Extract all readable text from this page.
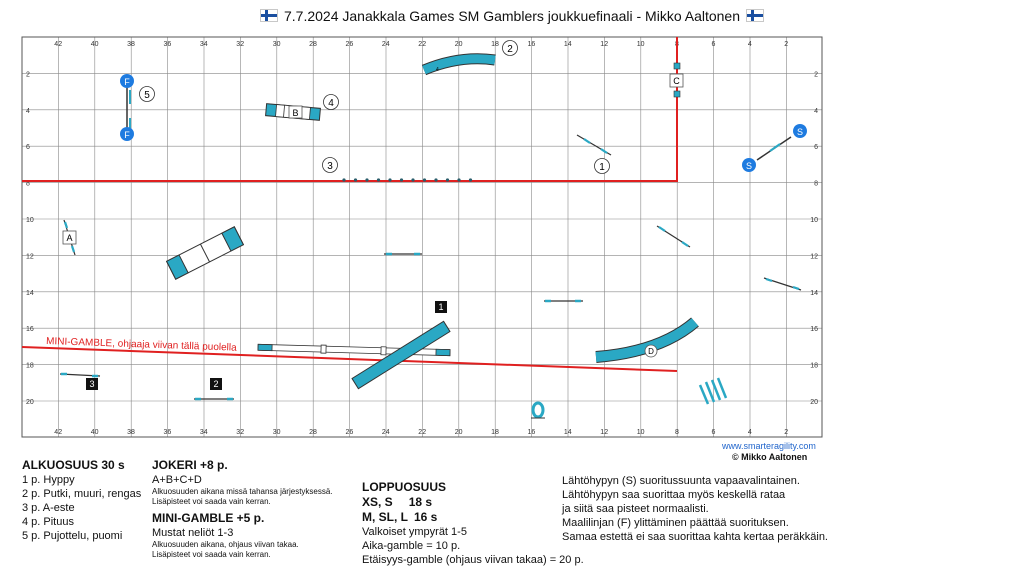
7.7.2024 Janakkala Games SM Gamblers joukkuefinaali - Mikko Aaltonen
42
42
40
40
38
38
36
36
34
34
32
32
30
30
28
28
26
26
24
24
22
22
20
20
18
18
16
16
14
14
12
12
10
10
8
8
6
6
4
4
2
2
2	2
4	4
6	6
8	8
10	10
12	12
14	14
16	16
18	18
20	20
MINI-GAMBLE, ohjaaja viivan tällä puolella
4
B
C
A
D
F
F	S
S
1
2
3
4
5
1
2
3
www.smarteragility.com
© Mikko Aaltonen
ALKUOSUUS 30 s
1 p. Hyppy
2 p. Putki, muuri, rengas
3 p. A-este
4 p. Pituus
5 p. Pujottelu, puomi
JOKERI +8 p.
A+B+C+D
Alkuosuuden aikana missä tahansa järjestyksessä.
Lisäpisteet voi saada vain kerran.
MINI-GAMBLE +5 p.
Mustat neliöt 1-3
Alkuosuuden aikana, ohjaus viivan takaa.
Lisäpisteet voi saada vain kerran.
LOPPUOSUUS
XS, S 18 s
M, SL, L 16 s
Valkoiset ympyrät 1-5
Aika-gamble = 10 p.
Etäisyys-gamble (ohjaus viivan takaa) = 20 p.
Lähtöhypyn (S) suoritussuunta vapaavalintainen.
Lähtöhypyn saa suorittaa myös keskellä rataa
ja siitä saa pisteet normaalisti.
Maalilinjan (F) ylittäminen päättää suorituksen.
Samaa estettä ei saa suorittaa kahta kertaa peräkkäin.
